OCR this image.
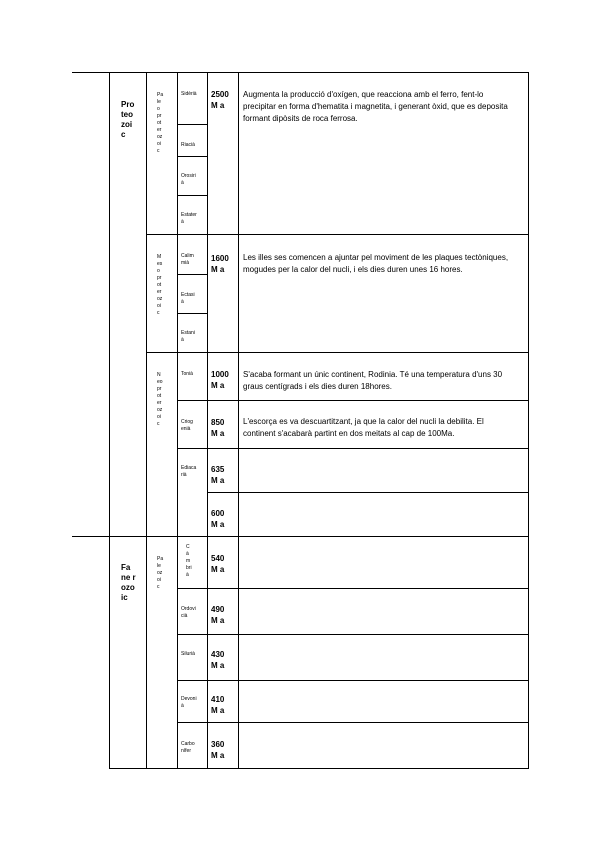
Pro
teo
zoi
c

Fa
ne r
ozo
ic

Pa
le
o
pr
ot
er
oz
oi
c

M
es
o
pr
ot
er
oz
oi
c

N
eo
pr
ot
er
oz
oi
c

Pa
le
oz
oi
c

Sidèrià
Riacià
Orosiri
à
Estater
à
Calim
mià
Ectasi
à
Estani
à
Tonià
Criog
enià
Ediaca
rià
C
à
m
bri
à
Ordovi
cià
Silurià
Devoni
à
Carbo
nífer
2500
M a
1600
M a
1000
M a
850
M a
635
M a
600
M a
540
M a
490
M a
430
M a
410
M a
360
M a
Augmenta la producció d'oxígen, que reacciona amb el ferro, fent-lo precipitar en forma d'hematita i magnetita, i generant òxid, que es deposita formant dipòsits de roca ferrosa.
Les illes ses comencen a ajuntar pel moviment de les plaques tectòniques, mogudes per la calor del nucli, i els dies duren unes 16 hores.
S'acaba formant un únic continent, Rodinia. Té una temperatura d'uns 30 graus centígrads i els dies duren 18hores.
L'escorça es va descuartitzant, ja que la calor del nucli la debilita. El continent s'acabarà partint en dos meitats al cap de 100Ma.
